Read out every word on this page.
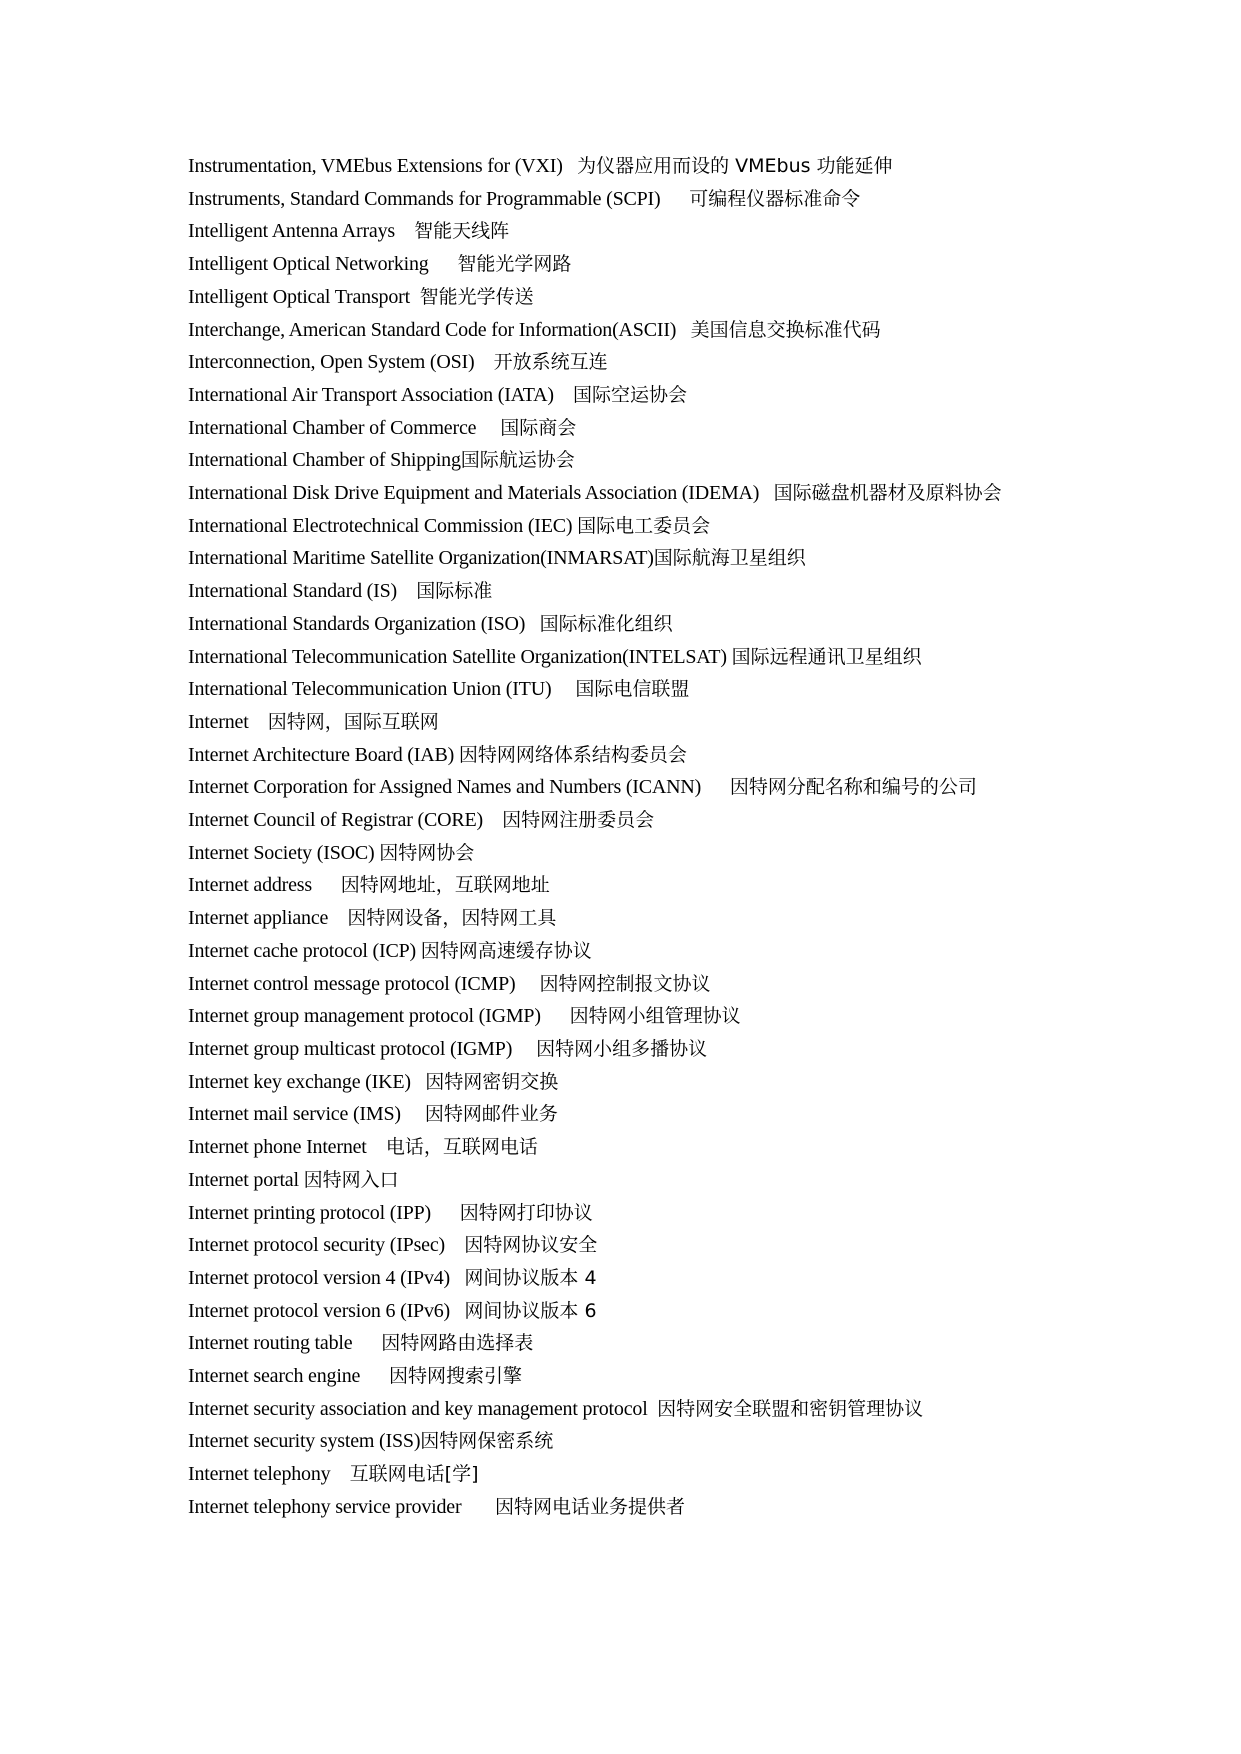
Instrumentation, VMEbus Extensions for (VXI)   为仪器应用而设的 VMEbus 功能延伸
Instruments, Standard Commands for Programmable (SCPI)      可编程仪器标准命令
Intelligent Antenna Arrays    智能天线阵
Intelligent Optical Networking      智能光学网路
Intelligent Optical Transport  智能光学传送
Interchange, American Standard Code for Information(ASCII)   美国信息交换标准代码
Interconnection, Open System (OSI)    开放系统互连
International Air Transport Association (IATA)    国际空运协会
International Chamber of Commerce     国际商会
International Chamber of Shipping国际航运协会
International Disk Drive Equipment and Materials Association (IDEMA)   国际磁盘机器材及原料协会
International Electrotechnical Commission (IEC) 国际电工委员会
International Maritime Satellite Organization(INMARSAT)国际航海卫星组织
International Standard (IS)    国际标准
International Standards Organization (ISO)   国际标准化组织
International Telecommunication Satellite Organization(INTELSAT) 国际远程通讯卫星组织
International Telecommunication Union (ITU)     国际电信联盟
Internet    因特网，国际互联网
Internet Architecture Board (IAB) 因特网网络体系结构委员会
Internet Corporation for Assigned Names and Numbers (ICANN)      因特网分配名称和编号的公司
Internet Council of Registrar (CORE)    因特网注册委员会
Internet Society (ISOC) 因特网协会
Internet address      因特网地址，互联网地址
Internet appliance    因特网设备，因特网工具
Internet cache protocol (ICP) 因特网高速缓存协议
Internet control message protocol (ICMP)     因特网控制报文协议
Internet group management protocol (IGMP)      因特网小组管理协议
Internet group multicast protocol (IGMP)     因特网小组多播协议
Internet key exchange (IKE)   因特网密钥交换
Internet mail service (IMS)     因特网邮件业务
Internet phone Internet    电话，互联网电话
Internet portal 因特网入口
Internet printing protocol (IPP)      因特网打印协议
Internet protocol security (IPsec)    因特网协议安全
Internet protocol version 4 (IPv4)   网间协议版本 4
Internet protocol version 6 (IPv6)   网间协议版本 6
Internet routing table      因特网路由选择表
Internet search engine      因特网搜索引擎
Internet security association and key management protocol  因特网安全联盟和密钥管理协议
Internet security system (ISS)因特网保密系统
Internet telephony    互联网电话[学]
Internet telephony service provider       因特网电话业务提供者
